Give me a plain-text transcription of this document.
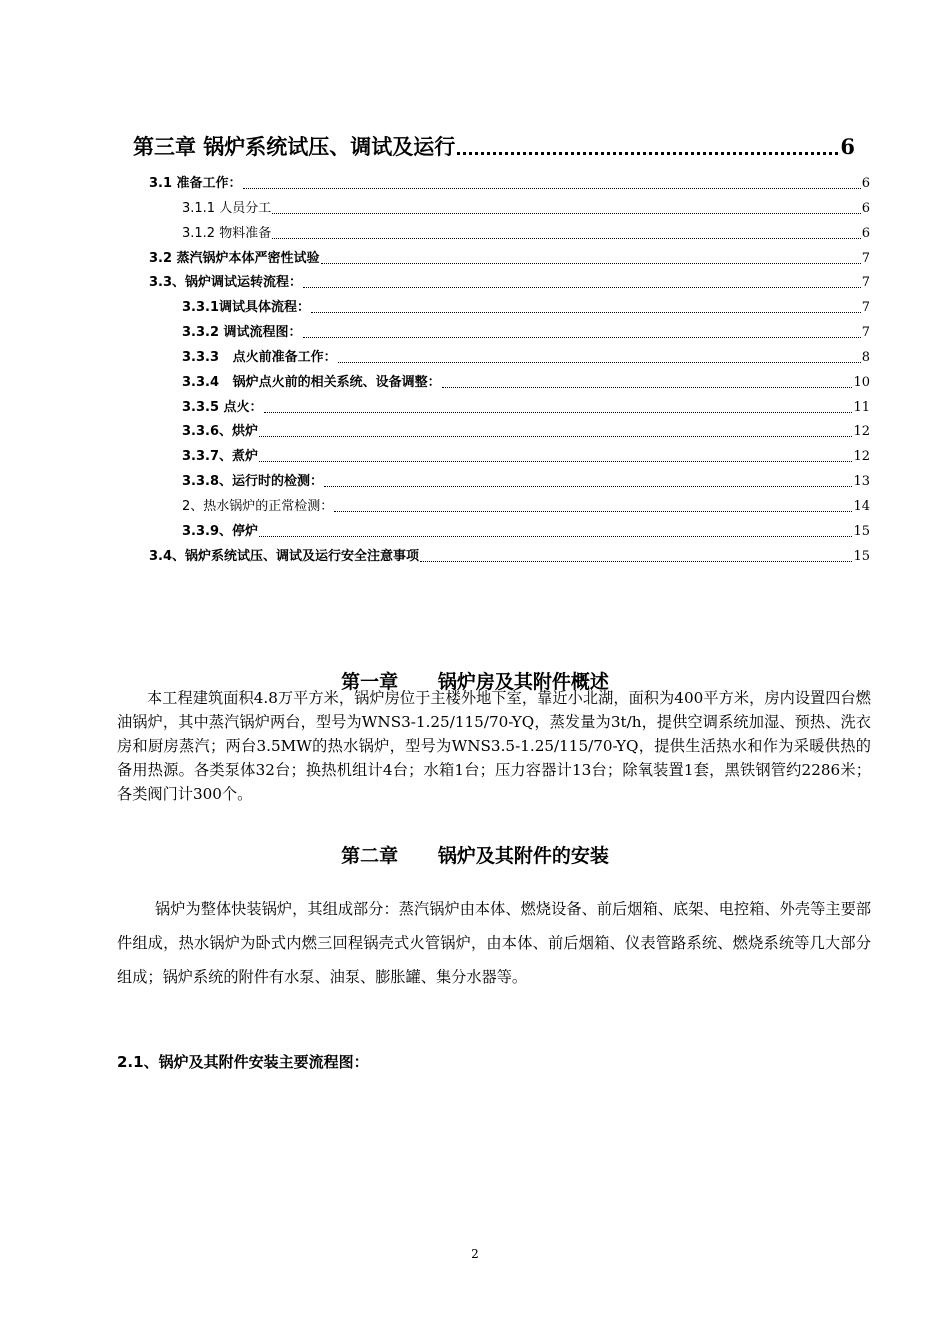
第三章 锅炉系统试压、调试及运行	6
3.1 准备工作：	6
3.1.1 人员分工	6
3.1.2 物料准备	6
3.2 蒸汽锅炉本体严密性试验	7
3.3、锅炉调试运转流程：	7
3.3.1调试具体流程：	7
3.3.2 调试流程图：	7
3.3.3   点火前准备工作：	8
3.3.4   锅炉点火前的相关系统、设备调整：	10
3.3.5 点火：	11
3.3.6、烘炉	12
3.3.7、煮炉	12
3.3.8、运行时的检测：	13
2、热水锅炉的正常检测：	14
3.3.9、停炉	15
3.4、锅炉系统试压、调试及运行安全注意事项	15
第一章      锅炉房及其附件概述

本工程建筑面积4.8万平方米，锅炉房位于主楼外地下室，靠近小北湖，面积为400平方米，房内设置四台燃油锅炉，其中蒸汽锅炉两台，型号为WNS3-1.25/115/70-YQ，蒸发量为3t/h，提供空调系统加湿、预热、洗衣房和厨房蒸汽；两台3.5MW的热水锅炉，型号为WNS3.5-1.25/115/70-YQ，提供生活热水和作为采暖供热的备用热源。各类泵体32台；换热机组计4台；水箱1台；压力容器计13台；除氧装置1套，黑铁钢管约2286米；各类阀门计300个。

第二章      锅炉及其附件的安装

锅炉为整体快装锅炉，其组成部分：蒸汽锅炉由本体、燃烧设备、前后烟箱、底架、电控箱、外壳等主要部件组成，热水锅炉为卧式内燃三回程锅壳式火管锅炉，由本体、前后烟箱、仪表管路系统、燃烧系统等几大部分组成；锅炉系统的附件有水泵、油泵、膨胀罐、集分水器等。

2.1、锅炉及其附件安装主要流程图：
2
